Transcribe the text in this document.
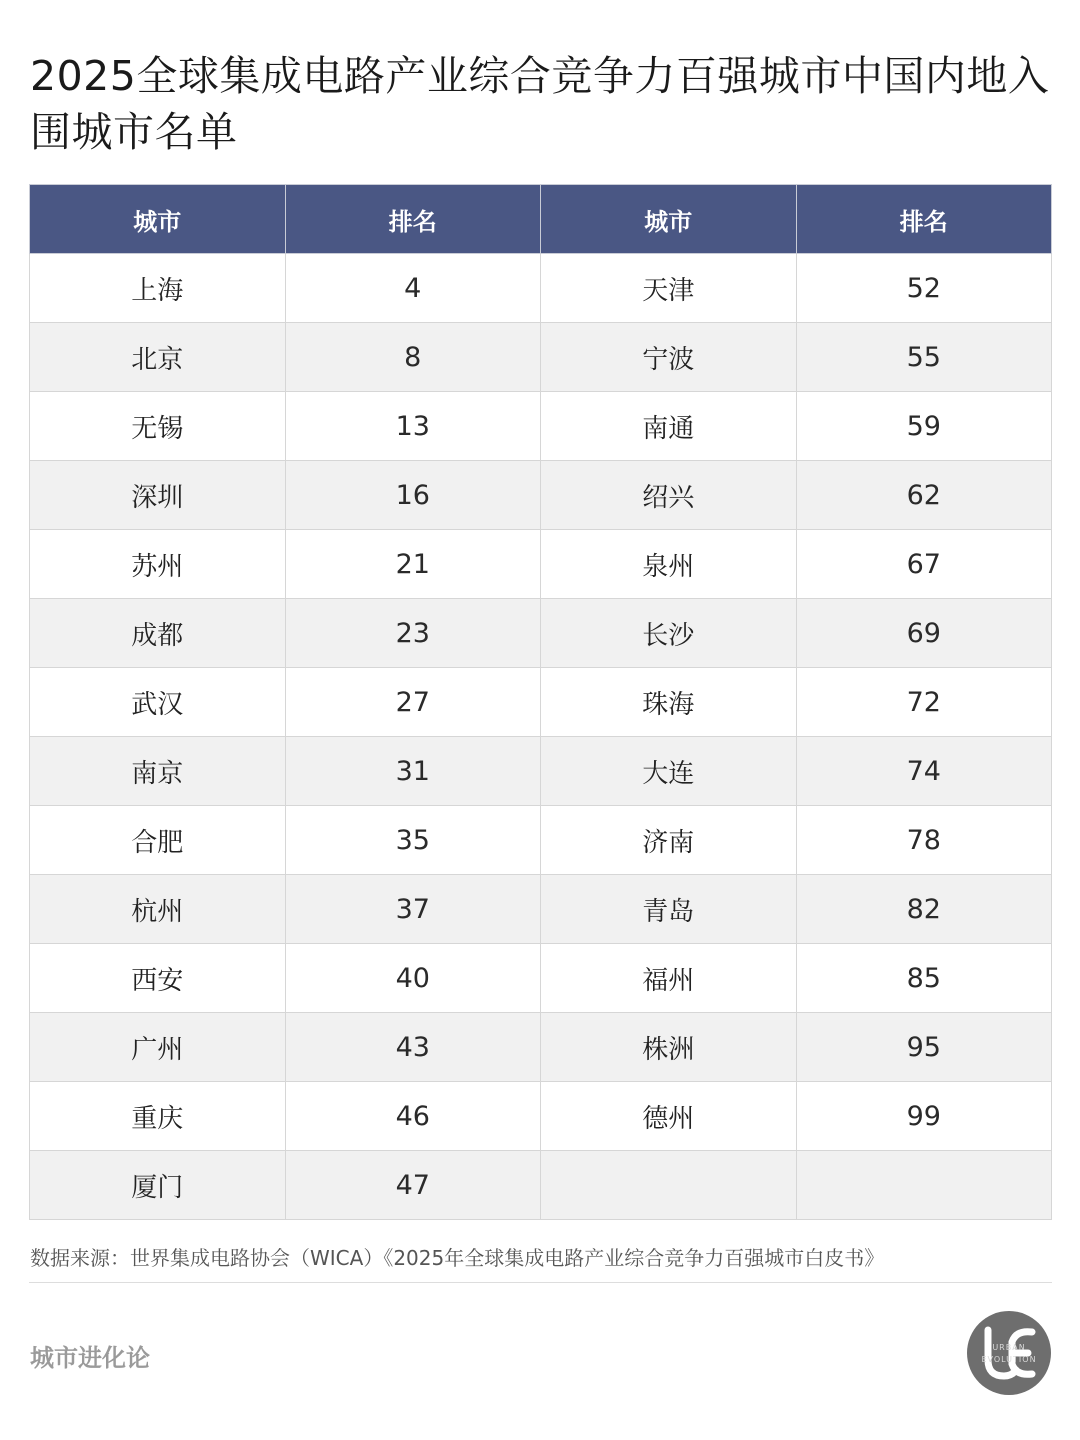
2025全球集成电路产业综合竞争力百强城市中国内地入围城市名单
城市	排名	城市	排名
上海	4	天津	52
北京	8	宁波	55
无锡	13	南通	59
深圳	16	绍兴	62
苏州	21	泉州	67
成都	23	长沙	69
武汉	27	珠海	72
南京	31	大连	74
合肥	35	济南	78
杭州	37	青岛	82
西安	40	福州	85
广州	43	株洲	95
重庆	46	德州	99
厦门	47		
数据来源：世界集成电路协会（WICA）《2025年全球集成电路产业综合竞争力百强城市白皮书》
城市进化论	URBAN
EVOLUTION
